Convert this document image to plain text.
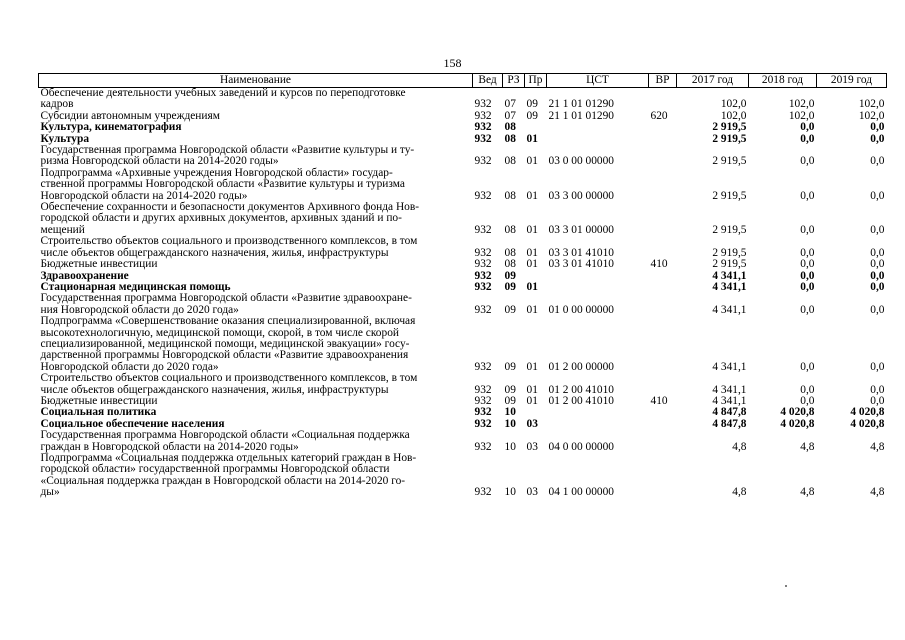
158
Наименование	Вед	РЗ	Пр	ЦСТ	ВР	2017 год	2018 год	2019 год

Обеспечение деятельности учебных заведений и курсов по переподготовке
кадров	932	07	09	21 1 01 01290		102,0	102,0	102,0

Субсидии автономным учреждениям	932	07	09	21 1 01 01290	620	102,0	102,0	102,0

Культура, кинематография	932	08				2 919,5	0,0	0,0

Культура	932	08	01			2 919,5	0,0	0,0

Государственная программа Новгородской области «Развитие культуры и ту-
ризма Новгородской области на 2014-2020 годы»	932	08	01	03 0 00 00000		2 919,5	0,0	0,0

Подпрограмма «Архивные учреждения Новгородской области» государ-
ственной программы Новгородской области «Развитие культуры и туризма
Новгородской области на 2014-2020 годы»	932	08	01	03 3 00 00000		2 919,5	0,0	0,0

Обеспечение сохранности и безопасности документов Архивного фонда Нов-
городской области и других архивных документов, архивных зданий и по-
мещений	932	08	01	03 3 01 00000		2 919,5	0,0	0,0

Строительство объектов социального и производственного комплексов, в том
числе объектов общегражданского назначения, жилья, инфраструктуры	932	08	01	03 3 01 41010		2 919,5	0,0	0,0

Бюджетные инвестиции	932	08	01	03 3 01 41010	410	2 919,5	0,0	0,0

Здравоохранение	932	09				4 341,1	0,0	0,0

Стационарная медицинская помощь	932	09	01			4 341,1	0,0	0,0

Государственная программа Новгородской области «Развитие здравоохране-
ния Новгородской области до 2020 года»	932	09	01	01 0 00 00000		4 341,1	0,0	0,0

Подпрограмма «Совершенствование оказания специализированной, включая
высокотехнологичную, медицинской помощи, скорой, в том числе скорой
специализированной, медицинской помощи, медицинской эвакуации» госу-
дарственной программы Новгородской области «Развитие здравоохранения
Новгородской области до 2020 года»	932	09	01	01 2 00 00000		4 341,1	0,0	0,0

Строительство объектов социального и производственного комплексов, в том
числе объектов общегражданского назначения, жилья, инфраструктуры	932	09	01	01 2 00 41010		4 341,1	0,0	0,0

Бюджетные инвестиции	932	09	01	01 2 00 41010	410	4 341,1	0,0	0,0

Социальная политика	932	10				4 847,8	4 020,8	4 020,8

Социальное обеспечение населения	932	10	03			4 847,8	4 020,8	4 020,8

Государственная программа Новгородской области «Социальная поддержка
граждан в Новгородской области на 2014-2020 годы»	932	10	03	04 0 00 00000		4,8	4,8	4,8

Подпрограмма «Социальная поддержка отдельных категорий граждан в Нов-
городской области» государственной программы Новгородской области
«Социальная поддержка граждан в Новгородской области на 2014-2020 го-
ды»	932	10	03	04 1 00 00000		4,8	4,8	4,8
